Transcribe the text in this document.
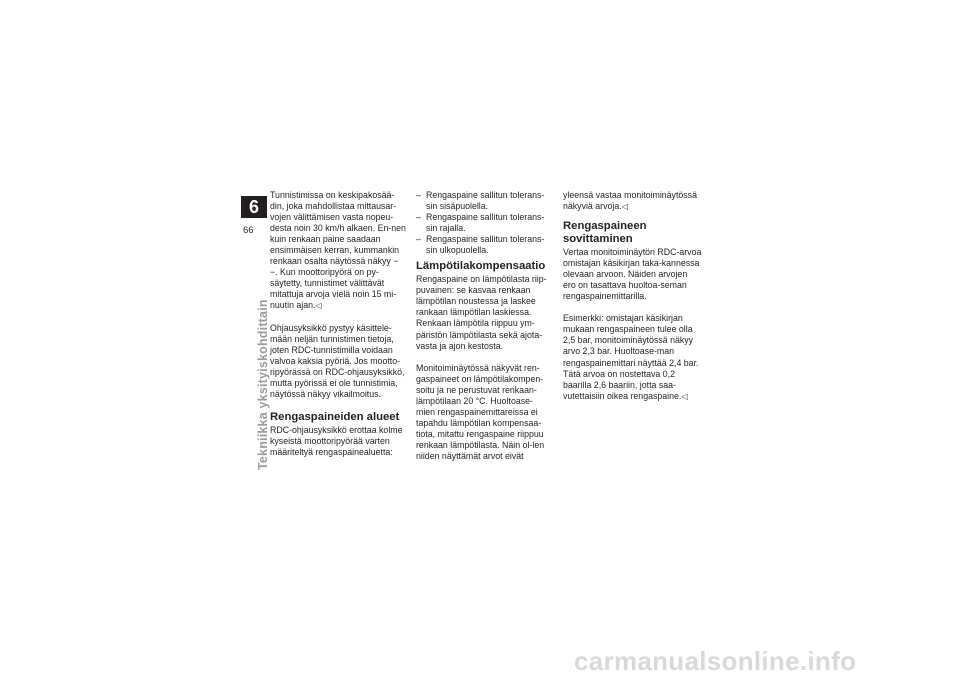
6
66
Tekniikka yksityiskohdittain

Tunnistimissa on keskipakosää-din, joka mahdollistaa mittausar-vojen välittämisen vasta nopeu-desta noin 30 km/h alkaen. En-nen kuin renkaan paine saadaan ensimmäisen kerran, kummankin renkaan osalta näytössä näkyy − −. Kun moottoripyörä on py-säytetty, tunnistimet välittävät mitattuja arvoja vielä noin 15 mi-nuutin ajan.◁

Ohjausyksikkö pystyy käsittele-mään neljän tunnistimen tietoja, joten RDC-tunnistimilla voidaan valvoa kaksia pyöriä. Jos mootto-ripyörässä on RDC-ohjausyksikkö, mutta pyörissä ei ole tunnistimia, näytössä näkyy vikailmoitus.

Rengaspaineiden alueet

RDC-ohjausyksikkö erottaa kolme kyseistä moottoripyörää varten määriteltyä rengaspainealuetta:

– Rengaspaine sallitun tolerans-sin sisäpuolella.
– Rengaspaine sallitun tolerans-sin rajalla.
– Rengaspaine sallitun tolerans-sin ulkopuolella.
Lämpötilakompensaatio

Rengaspaine on lämpötilasta riip-puvainen: se kasvaa renkaan lämpötilan noustessa ja laskee rankaan lämpötilan laskiessa. Renkaan lämpötila riippuu ym-päristön lämpötilasta sekä ajota-vasta ja ajon kestosta.

Monitoiminäytössä näkyvät ren-gaspaineet on lämpötilakompen-soitu ja ne perustuvat renkaan-lämpötilaan 20 °C. Huoltoase-mien rengaspainemittareissa ei tapahdu lämpötilan kompensaa-tiota, mitattu rengaspaine riippuu renkaan lämpötilasta. Näin ol-len niiden näyttämät arvot eivät

yleensä vastaa monitoiminäytössä näkyviä arvoja.◁

Rengaspaineen
sovittaminen

Vertaa monitoiminäytön RDC-arvoa omistajan käsikirjan taka-kannessa olevaan arvoon. Näiden arvojen ero on tasattava huoltoa-seman rengaspainemittarilla.

Esimerkki: omistajan käsikirjan mukaan rengaspaineen tulee olla 2,5 bar, monitoiminäytössä näkyy arvo 2,3 bar. Huoltoase-man rengaspainemittari näyttää 2,4 bar. Tätä arvoa on nostettava 0,2 baarilla 2,6 baariin, jotta saa-vutettaisiin oikea rengaspaine.◁

carmanualsonline.info
